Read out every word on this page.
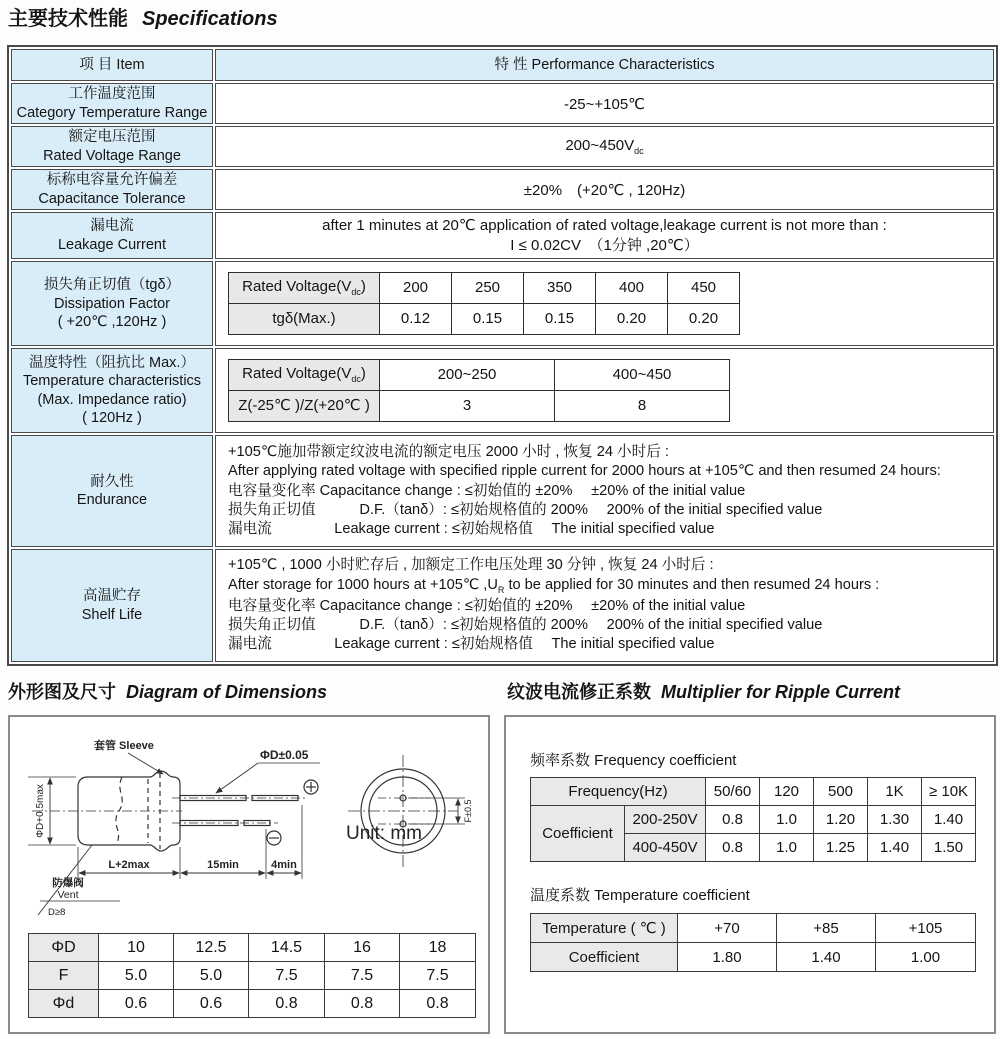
主要技术性能 Specifications
项 目 Item	特 性 Performance Characteristics

工作温度范围
Category Temperature Range	-25~+105℃

额定电压范围
Rated Voltage Range
	$200\sim 450V_{dc}$

标称电容量允许偏差
Capacitance Tolerance	±20%　(+20℃ , 120Hz)

漏电流
Leakage Current

after 1 minutes at 20℃ application of rated voltage,leakage current is not more than :
I ≤ 0.02CV　（1分钟 ,20℃）

损失角正切值（tgδ）
Dissipation Factor
( +20℃ ,120Hz )

Rated $Voltage(V_{dc})$	200	250	350	400	450
tgδ(Max.)	0.12	0.15	0.15	0.20	0.20

温度特性（阻抗比 Max.）
Temperature characteristics
(Max. Impedance ratio)
( 120Hz )

Rated $Voltage(V_{dc})$	200~250	400~450
Z(-25℃ )/Z(+20℃ )	3	8

耐久性
Endurance

+105℃施加带额定纹波电流的额定电压 2000 小时 , 恢复 24 小时后 :
After applying rated voltage with specified ripple current for 2000 hours at +105℃ and then resumed 24 hours:
电容量变化率 Capacitance change : ≤初始值的 ±20%　 ±20% of the initial value
损失角正切值　　　D.F.（tanδ）: ≤初始规格值的 200%　 200% of the initial specified value
漏电流　　　　 Leakage current : ≤初始规格值　 The initial specified value

高温贮存
Shelf Life

+105℃ , 1000 小时贮存后 , 加额定工作电压处理 30 分钟 , 恢复 24 小时后 :
After storage for 1000 hours at +105℃ $,U_R$ to be applied for 30 minutes and then resumed 24 hours :
电容量变化率 Capacitance change : ≤初始值的 ±20%　 ±20% of the initial value
损失角正切值　　　D.F.（tanδ）: ≤初始规格值的 200%　 200% of the initial specified value
漏电流　　　　 Leakage current : ≤初始规格值　 The initial specified value
外形图及尺寸 Diagram of Dimensions
套管 Sleeve
ΦD±0.05
ΦD+0.5max
L+2max	15min	4min
防爆阀
Vent
D≥8
F±0.5
Unit: mm
ΦD	10	12.5	14.5	16	18
F	5.0	5.0	7.5	7.5	7.5
Φd	0.6	0.6	0.8	0.8	0.8
纹波电流修正系数 Multiplier for Ripple Current
频率系数 Frequency coefficient
Frequency(Hz)		50/60	120	500	1K	≥ 10K
Coefficient	200-250V	0.8	1.0	1.20	1.30	1.40
	400-450V	0.8	1.0	1.25	1.40	1.50
温度系数 Temperature coefficient
Temperature ( ℃ )	+70	+85	+105
Coefficient	1.80	1.40	1.00
